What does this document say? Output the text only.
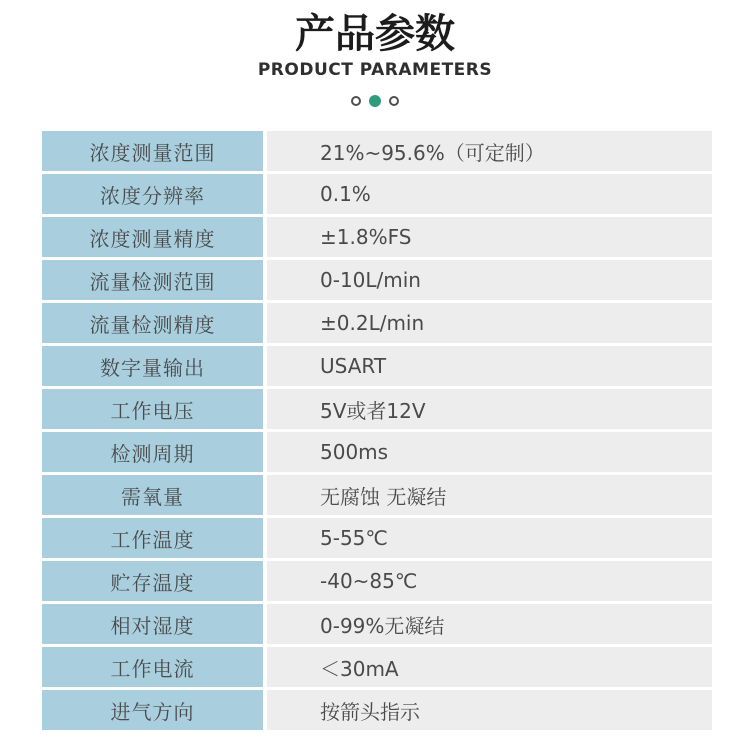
产品参数
PRODUCT PARAMETERS
浓度测量范围	21%~95.6%（可定制）
浓度分辨率	0.1%
浓度测量精度	±1.8%FS
流量检测范围	0-10L/min
流量检测精度	±0.2L/min
数字量输出	USART
工作电压	5V或者12V
检测周期	500ms
需氧量	无腐蚀 无凝结
工作温度	5-55℃
贮存温度	-40~85℃
相对湿度	0-99%无凝结
工作电流	＜30mA
进气方向	按箭头指示
